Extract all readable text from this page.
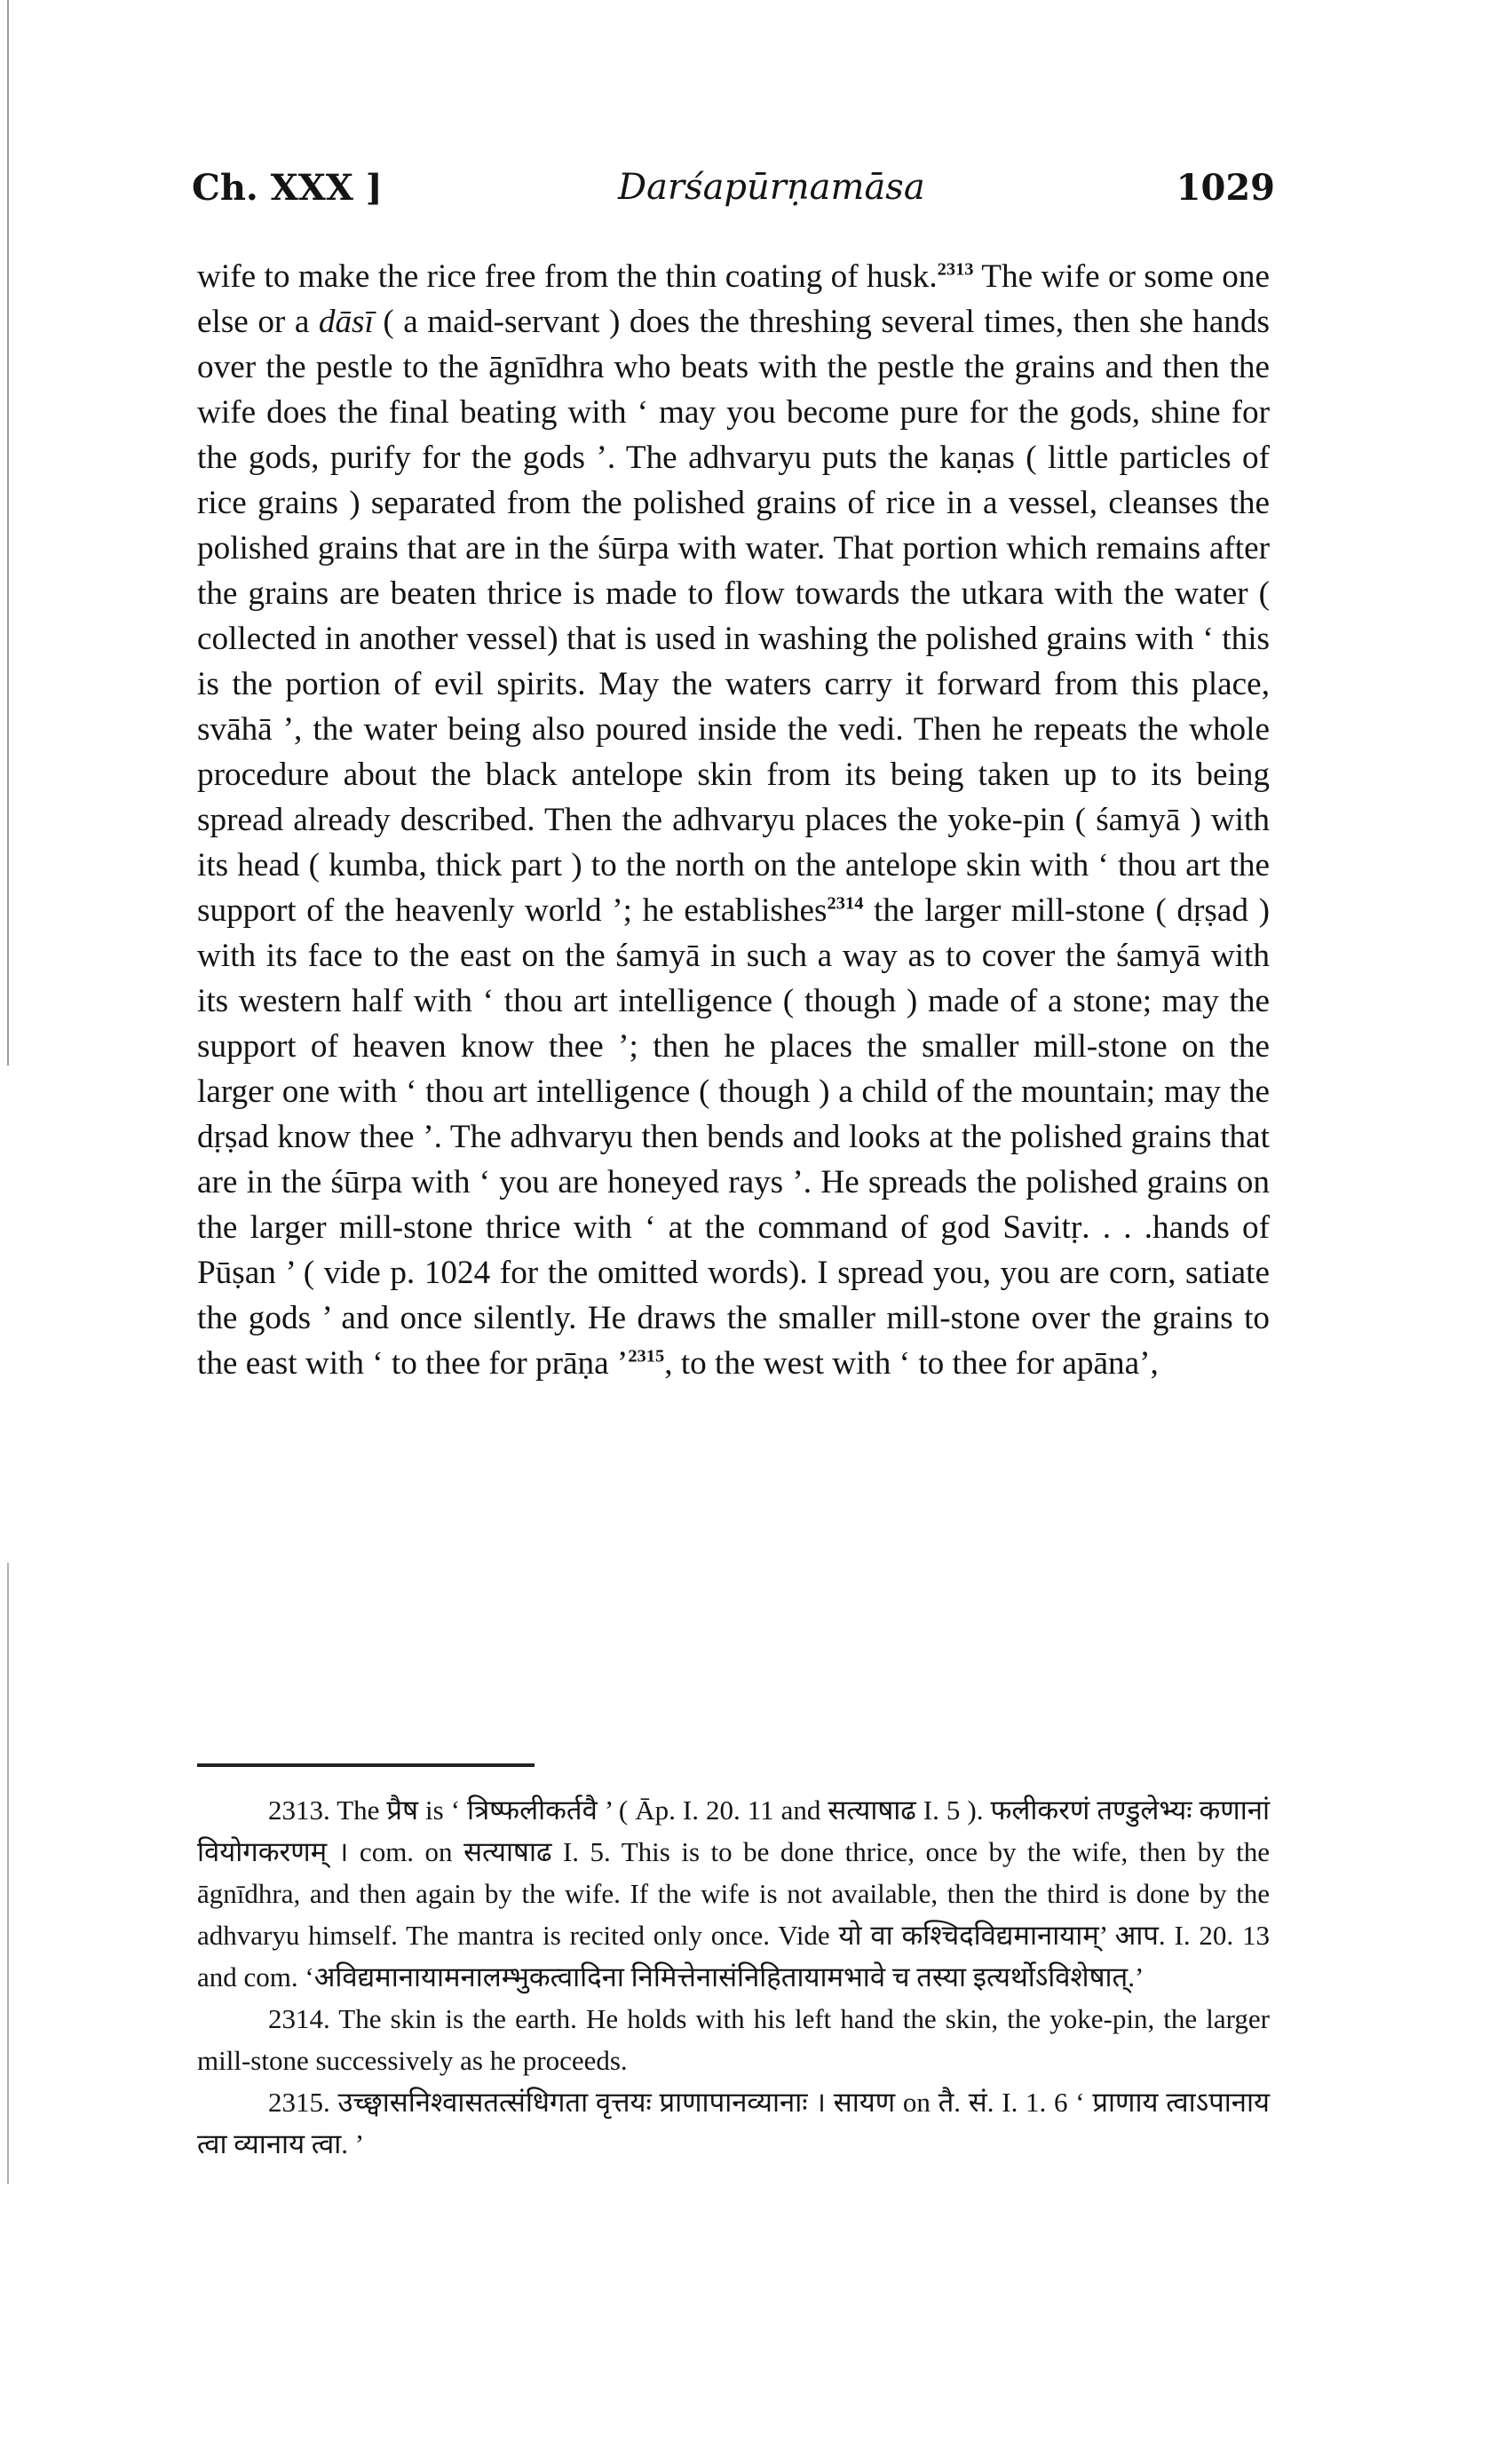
Ch. XXX ]	Darśapūrṇamāsa	1029

wife to make the rice free from the thin coating of husk.$^{2313}$ The wife or some one else or a dāsī ( a maid-servant ) does the threshing several times, then she hands over the pestle to the āgnīdhra who beats with the pestle the grains and then the wife does the final beating with ‘ may you become pure for the gods, shine for the gods, purify for the gods ’. The adhvaryu puts the kaṇas ( little particles of rice grains ) separated from the polished grains of rice in a vessel, cleanses the polished grains that are in the śūrpa with water. That portion which remains after the grains are beaten thrice is made to flow towards the utkara with the water ( collected in another vessel) that is used in washing the polished grains with ‘ this is the portion of evil spirits. May the waters carry it forward from this place, svāhā ’, the water being also poured inside the vedi. Then he repeats the whole procedure about the black antelope skin from its being taken up to its being spread already described. Then the adhvaryu places the yoke-pin ( śamyā ) with its head ( kumba, thick part ) to the north on the antelope skin with ‘ thou art the support of the heavenly world ’; he establishes$^{2314}$ the larger mill-stone ( dṛṣad ) with its face to the east on the śamyā in such a way as to cover the śamyā with its western half with ‘ thou art intelligence ( though ) made of a stone; may the support of heaven know thee ’; then he places the smaller mill-stone on the larger one with ‘ thou art intelligence ( though ) a child of the mountain; may the dṛṣad know thee ’. The adhvaryu then bends and looks at the polished grains that are in the śūrpa with ‘ you are honeyed rays ’. He spreads the polished grains on the larger mill-stone thrice with ‘ at the command of god Savitṛ. . . .hands of Pūṣan ’ ( vide p. 1024 for the omitted words). I spread you, you are corn, satiate the gods ’ and once silently. He draws the smaller mill-stone over the grains to the east with ‘ to thee for prāṇa ’$^{2315}$, to the west with ‘ to thee for apāna’,

2313. The प्रैष is ‘ त्रिष्फलीकर्तवै ’ ( Āp. I. 20. 11 and सत्याषाढ I. 5 ). फलीकरणं तण्डुलेभ्यः कणानां वियोगकरणम् । com. on सत्याषाढ I. 5. This is to be done thrice, once by the wife, then by the āgnīdhra, and then again by the wife. If the wife is not available, then the third is done by the adhvaryu himself. The mantra is recited only once. Vide यो वा कश्चिदविद्यमानायाम्’ आप. I. 20. 13 and com. ‘अविद्यमानायामनालम्भुकत्वादिना निमित्तेनासंनिहितायामभावे च तस्या इत्यर्थोऽविशेषात्.’

2314. The skin is the earth. He holds with his left hand the skin, the yoke-pin, the larger mill-stone successively as he proceeds.

2315. उच्छ्वासनिश्वासतत्संधिगता वृत्तयः प्राणापानव्यानाः । सायण on तै. सं. I. 1. 6 ‘ प्राणाय त्वाऽपानाय त्वा व्यानाय त्वा. ’
